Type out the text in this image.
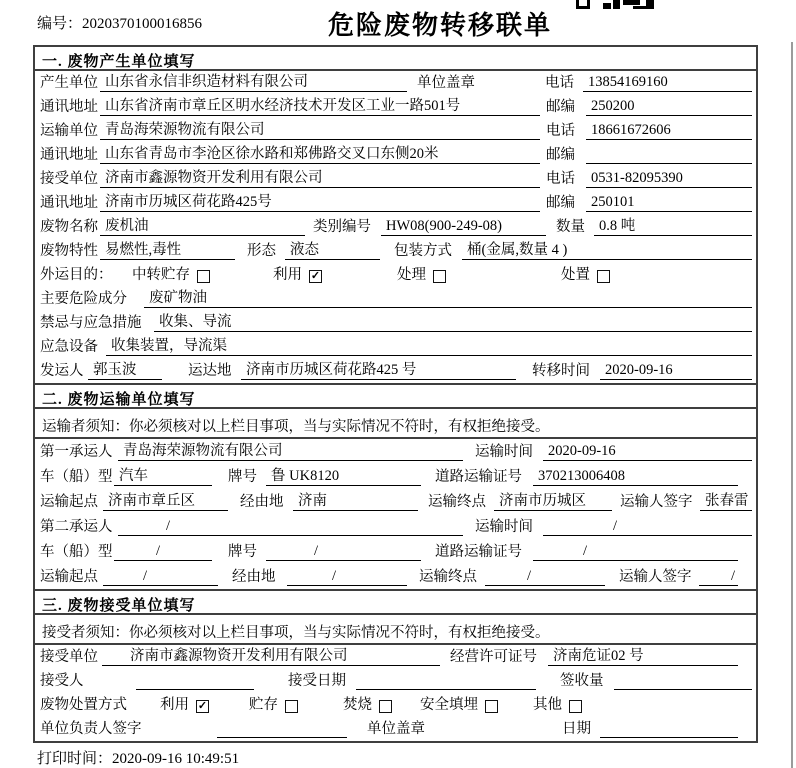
编号：2020370100016856	危险废物转移联单
一. 废物产生单位填写
产生单位 山东省永信非织造材料有限公司	单位盖章	电话 13854169160
通讯地址 山东省济南市章丘区明水经济技术开发区工业一路501号	邮编	250200
运输单位 青岛海荣源物流有限公司	电话	18661672606
通讯地址 山东省青岛市李沧区徐水路和郑佛路交叉口东侧20米	邮编
接受单位 济南市鑫源物资开发利用有限公司	电话	0531-82095390
通讯地址 济南市历城区荷花路425号	邮编	250101
废物名称 废机油	类别编号	HW08(900-249-08)	数量 0.8 吨
废物特性 易燃性,毒性	形态 液态	包装方式	桶(金属,数量 4 )
外运目的：	中转贮存	利用 ✓	处理	处置
主要危险成分	废矿物油
禁忌与应急措施	收集、导流
应急设备 收集装置，导流渠
发运人 郭玉波	运达地	济南市历城区荷花路425 号	转移时间	2020-09-16
二. 废物运输单位填写
运输者须知：你必须核对以上栏目事项，当与实际情况不符时，有权拒绝接受。
第一承运人 青岛海荣源物流有限公司	运输时间	2020-09-16
车（船）型 汽车	牌号 鲁 UK8120	道路运输证号	370213006408
运输起点 济南市章丘区	经由地	济南	运输终点 济南市历城区	运输人签字 张春雷
第二承运人	/	运输时间	/
车（船）型	/	牌号	/	道路运输证号	/
运输起点	/	经由地	/	运输终点	/	运输人签字	/
三. 废物接受单位填写
接受者须知：你必须核对以上栏目事项，当与实际情况不符时，有权拒绝接受。
接受单位	济南市鑫源物资开发利用有限公司	经营许可证号	济南危证02 号
接受人	接受日期	签收量
废物处置方式	利用 ✓	贮存	焚烧	安全填埋	其他
单位负责人签字	单位盖章	日期
打印时间：2020-09-16 10:49:51
